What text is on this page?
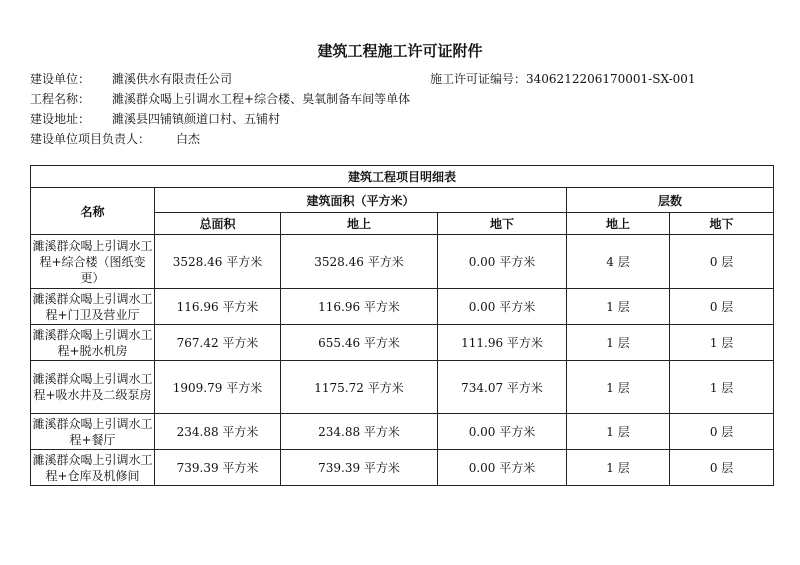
建筑工程施工许可证附件
建设单位： 濉溪供水有限责任公司	施工许可证编号：3406212206170001-SX-001
工程名称： 濉溪群众喝上引调水工程+综合楼、臭氧制备车间等单体
建设地址： 濉溪县四铺镇颜道口村、五铺村
建设单位项目负责人： 白杰
建筑工程项目明细表					
名称	建筑面积（平方米）			层数	
	总面积	地上	地下	地上	地下
濉溪群众喝上引调水工程+综合楼（图纸变更）	3528.46 平方米	3528.46 平方米	0.00 平方米	4 层	0 层
濉溪群众喝上引调水工程+门卫及营业厅	116.96 平方米	116.96 平方米	0.00 平方米	1 层	0 层
濉溪群众喝上引调水工程+脱水机房	767.42 平方米	655.46 平方米	111.96 平方米	1 层	1 层
濉溪群众喝上引调水工程+吸水井及二级泵房	1909.79 平方米	1175.72 平方米	734.07 平方米	1 层	1 层
濉溪群众喝上引调水工程+餐厅	234.88 平方米	234.88 平方米	0.00 平方米	1 层	0 层
濉溪群众喝上引调水工程+仓库及机修间	739.39 平方米	739.39 平方米	0.00 平方米	1 层	0 层
